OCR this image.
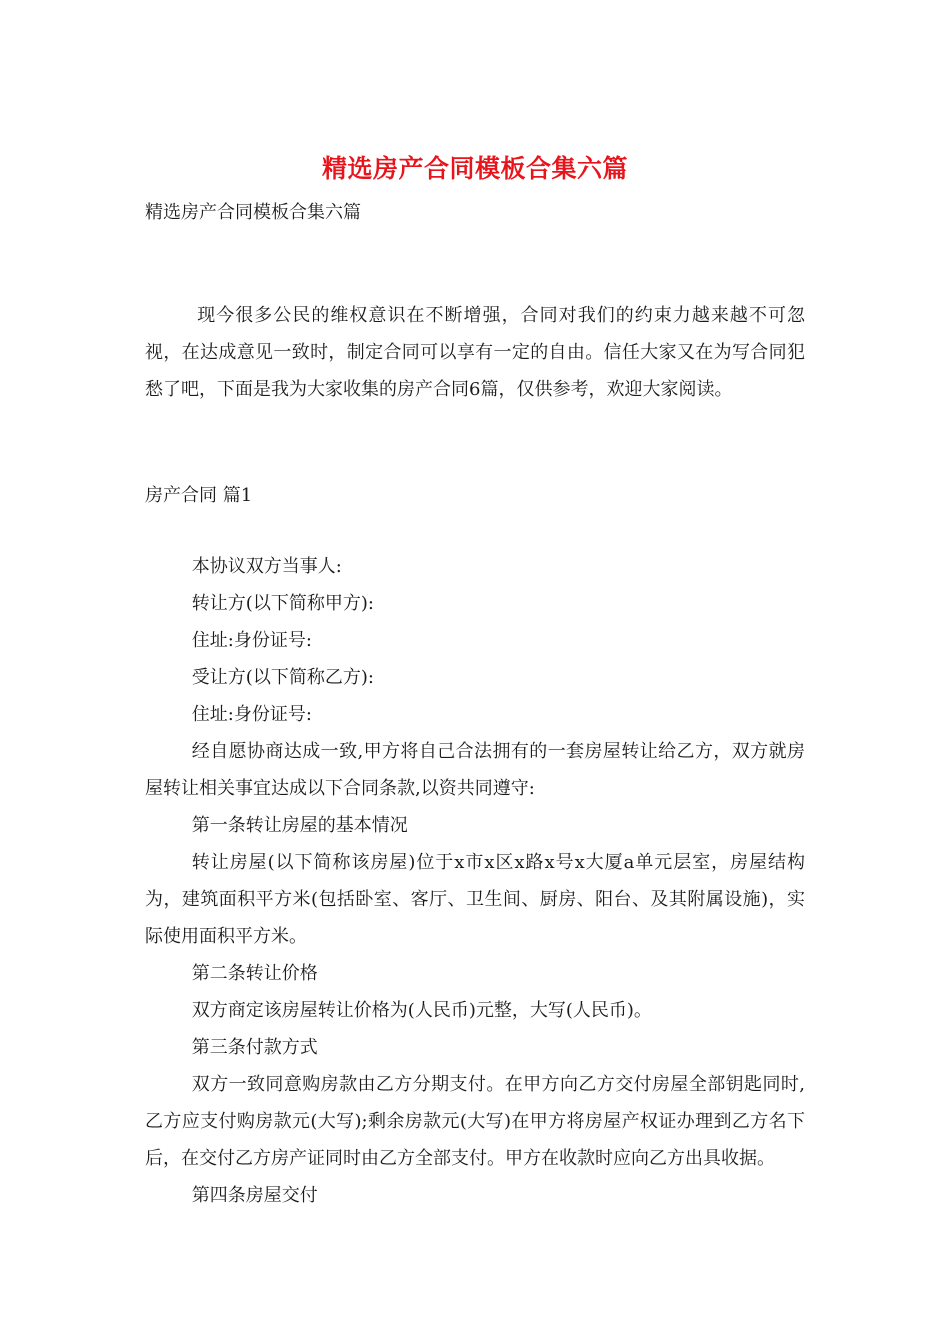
精选房产合同模板合集六篇
精选房产合同模板合集六篇
现今很多公民的维权意识在不断增强，合同对我们的约束力越来越不可忽视，在达成意见一致时，制定合同可以享有一定的自由。信任大家又在为写合同犯愁了吧，下面是我为大家收集的房产合同6篇，仅供参考，欢迎大家阅读。
房产合同 篇1

本协议双方当事人:

转让方(以下简称甲方):

住址:身份证号:

受让方(以下简称乙方):

住址:身份证号:

经自愿协商达成一致,甲方将自己合法拥有的一套房屋转让给乙方，双方就房屋转让相关事宜达成以下合同条款,以资共同遵守:

第一条转让房屋的基本情况

转让房屋(以下简称该房屋)位于x市x区x路x号x大厦a单元层室，房屋结构为，建筑面积平方米(包括卧室、客厅、卫生间、厨房、阳台、及其附属设施)，实际使用面积平方米。

第二条转让价格

双方商定该房屋转让价格为(人民币)元整，大写(人民币)。

第三条付款方式

双方一致同意购房款由乙方分期支付。在甲方向乙方交付房屋全部钥匙同时,乙方应支付购房款元(大写);剩余房款元(大写)在甲方将房屋产权证办理到乙方名下后，在交付乙方房产证同时由乙方全部支付。甲方在收款时应向乙方出具收据。

第四条房屋交付
